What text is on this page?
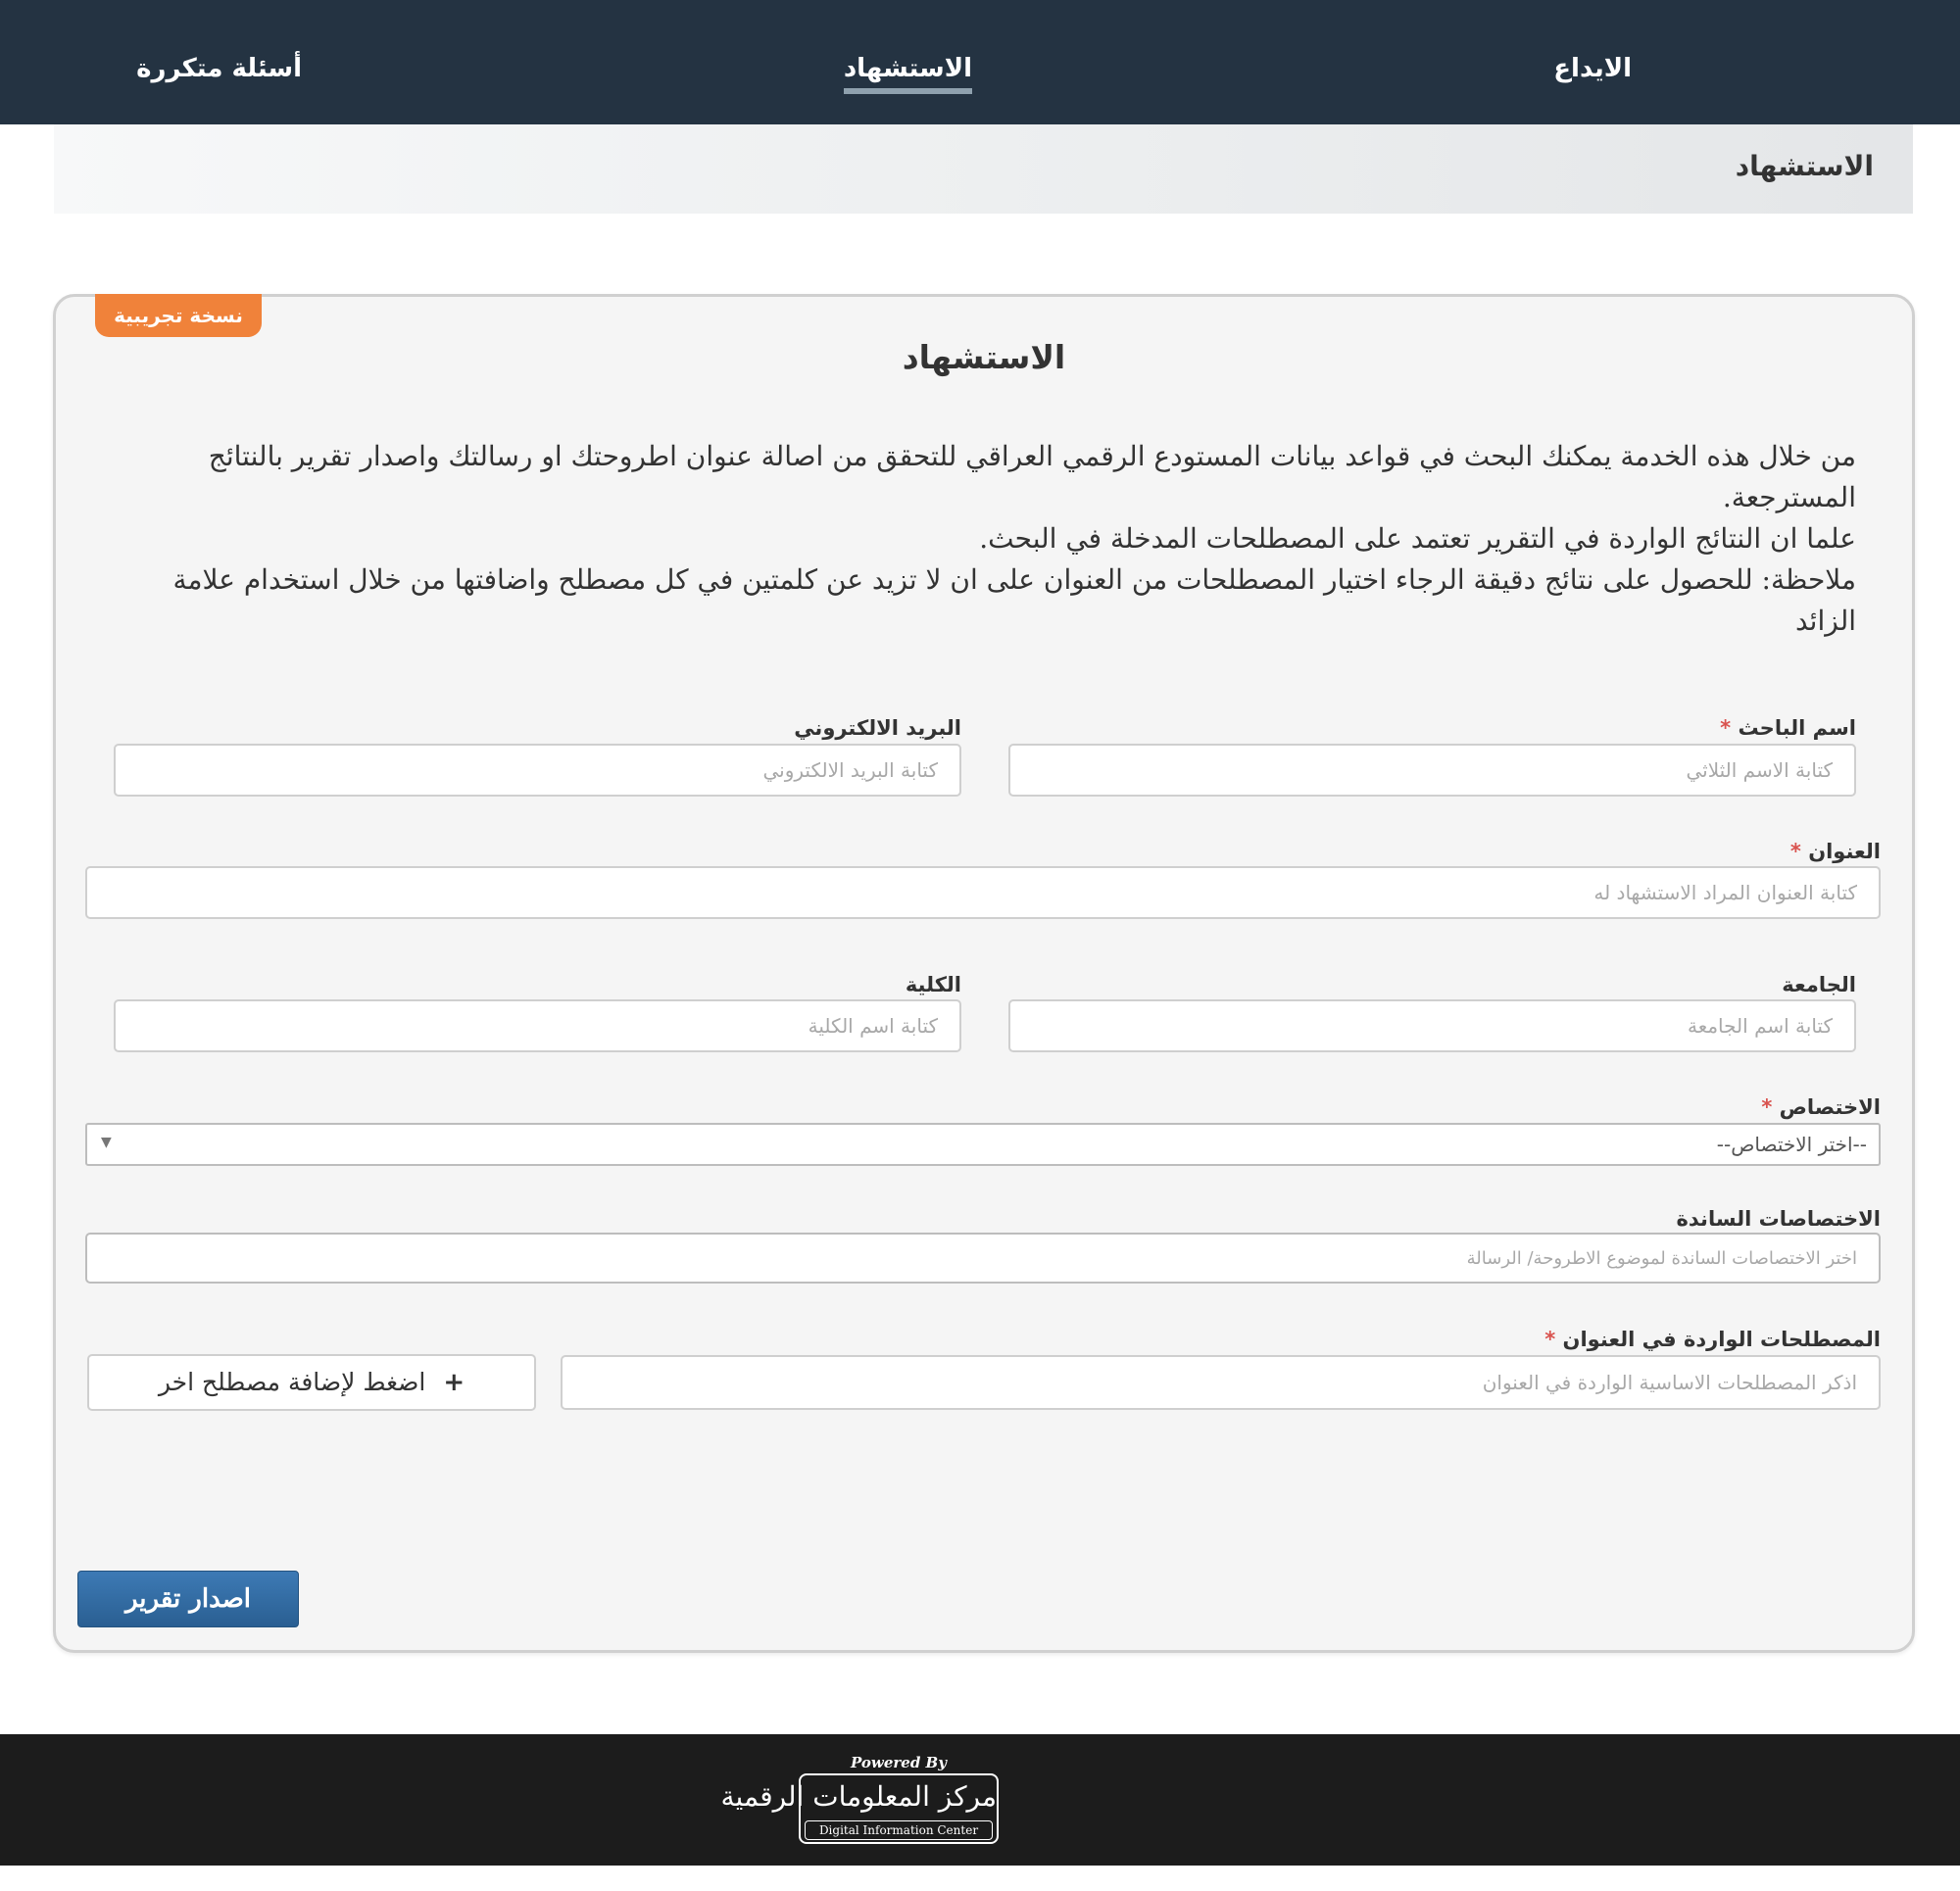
الايداع
الاستشهاد
أسئلة متكررة
الاستشهاد
نسخة تجريبية
الاستشهاد

من خلال هذه الخدمة يمكنك البحث في قواعد بيانات المستودع الرقمي العراقي للتحقق من اصالة عنوان اطروحتك او رسالتك واصدار تقرير بالنتائج المسترجعة.

علما ان النتائج الواردة في التقرير تعتمد على المصطلحات المدخلة في البحث.

ملاحظة: للحصول على نتائج دقيقة الرجاء اختيار المصطلحات من العنوان على ان لا تزيد عن كلمتين في كل مصطلح واضافتها من خلال استخدام علامة الزائد

اسم الباحث *
كتابة الاسم الثلاثي
البريد الالكتروني
كتابة البريد الالكتروني
العنوان *
كتابة العنوان المراد الاستشهاد له
الجامعة
كتابة اسم الجامعة
الكلية
كتابة اسم الكلية
الاختصاص *
--اختر الاختصاص--
▼
الاختصاصات الساندة
اختر الاختصاصات الساندة لموضوع الاطروحة/ الرسالة
المصطلحات الواردة في العنوان *
اذكر المصطلحات الاساسية الواردة في العنوان
+اضغط لإضافة مصطلح اخر
اصدار تقرير
Powered By
مركز المعلومات الرقمية
Digital Information Center
